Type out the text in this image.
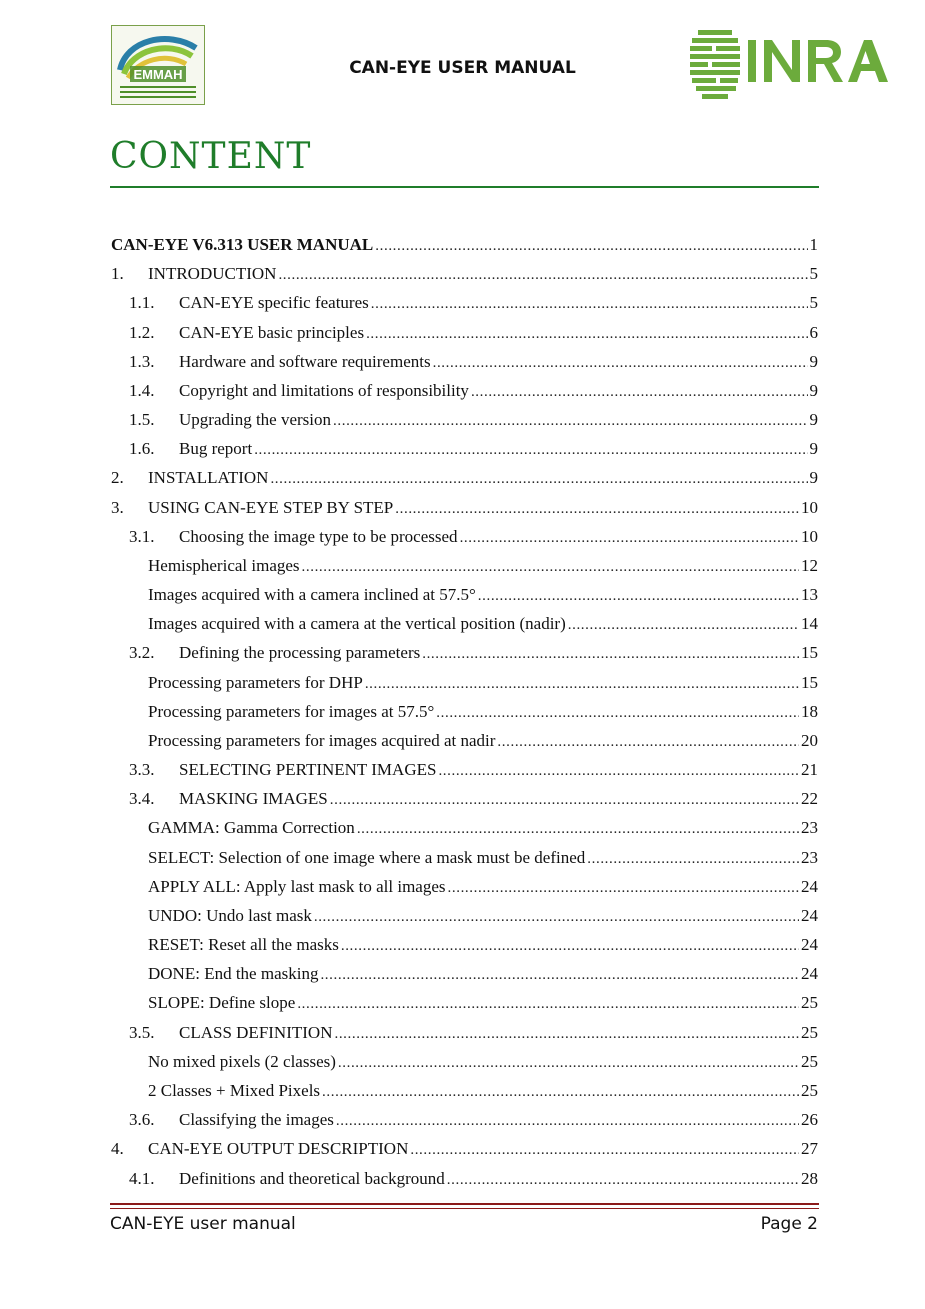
EMMAH	CAN-EYE USER MANUAL
CONTENT
CAN-EYE V6.313 USER MANUAL .....	1
1.	INTRODUCTION .....	5
1.1.	CAN-EYE specific features .....	5
1.2.	CAN-EYE basic principles .....	6
1.3.	Hardware and software requirements .....	9
1.4.	Copyright and limitations of responsibility .....	9
1.5.	Upgrading the version .....	9
1.6.	Bug report .....	9
2.	INSTALLATION .....	9
3.	USING CAN-EYE STEP BY STEP .....	10
3.1.	Choosing the image type to be processed .....	10
Hemispherical images .....	12
Images acquired with a camera inclined at 57.5° .....	13
Images acquired with a camera at the vertical position (nadir) .....	14
3.2.	Defining the processing parameters .....	15
Processing parameters for DHP .....	15
Processing parameters for images at 57.5° .....	18
Processing parameters for images acquired at nadir .....	20
3.3.	SELECTING PERTINENT IMAGES .....	21
3.4.	MASKING IMAGES .....	22
GAMMA: Gamma Correction .....	23
SELECT: Selection of one image where a mask must be defined .....	23
APPLY ALL: Apply last mask to all images .....	24
UNDO: Undo last mask .....	24
RESET: Reset all the masks .....	24
DONE: End the masking .....	24
SLOPE: Define slope .....	25
3.5.	CLASS DEFINITION .....	25
No mixed pixels (2 classes) .....	25
2 Classes + Mixed Pixels .....	25
3.6.	Classifying the images .....	26
4.	CAN-EYE OUTPUT DESCRIPTION .....	27
4.1.	Definitions and theoretical background .....	28
CAN-EYE user manual	Page 2
